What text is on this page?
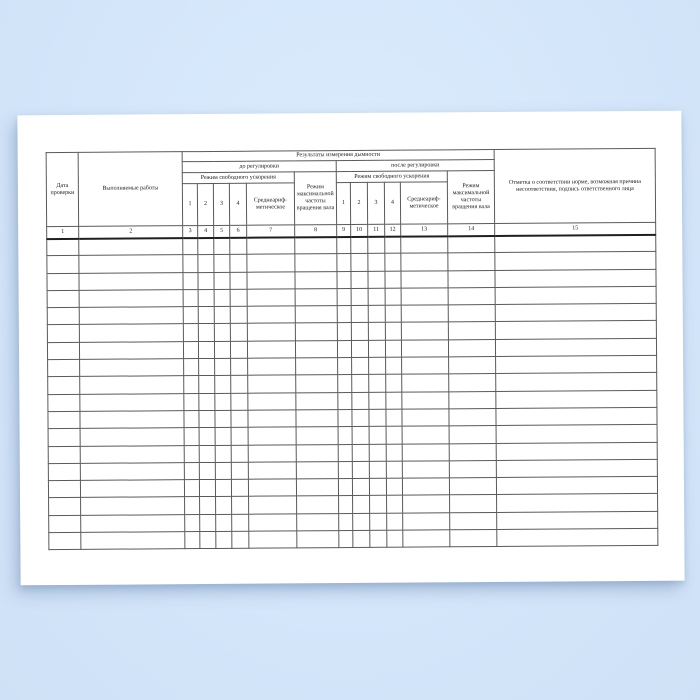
Дата проверки	Выполняемые работы	Результаты измерения дымности												Отметка о соответствии норме, возможная причина несоответствия, подпись ответственного лица
		до регулировки						после регулировки						
		Режим свободного ускорения					Режим максимальной частоты вращения вала	Режим свободного ускорения					Режим максимальной частоты вращения вала	
		1	2	3	4	Среднеариф-метическое		1	2	3	4	Среднеариф-метическое		
1	2	3	4	5	6	7	8	9	10	11	12	13	14	15
